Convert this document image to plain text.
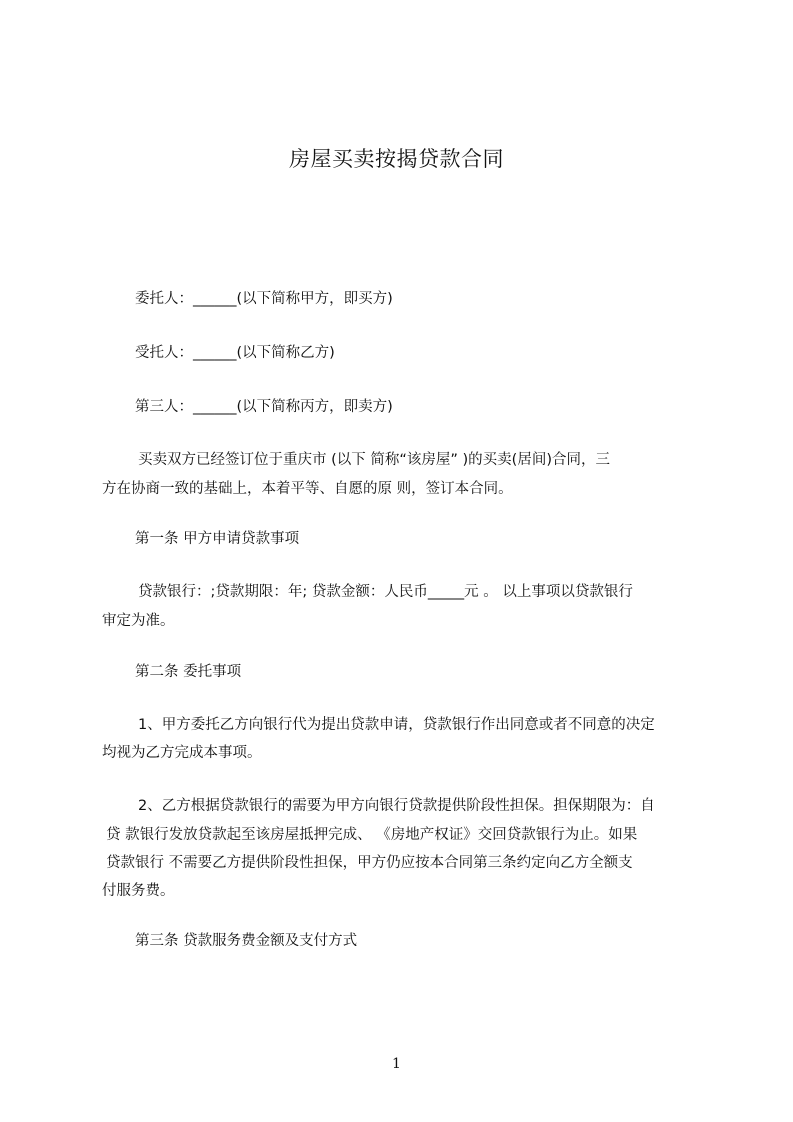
房屋买卖按揭贷款合同
委托人：______(以下简称甲方，即买方)
受托人：______(以下简称乙方)
第三人：______(以下简称丙方，即卖方)
买卖双方已经签订位于重庆市 (以下 简称“该房屋” )的买卖(居间)合同，三
方在协商一致的基础上，本着平等、自愿的原 则，签订本合同。
第一条 甲方申请贷款事项
贷款银行：;贷款期限：年; 贷款金额：人民币_____元 。 以上事项以贷款银行
审定为准。
第二条 委托事项
1、甲方委托乙方向银行代为提出贷款申请，贷款银行作出同意或者不同意的决定
均视为乙方完成本事项。
2、乙方根据贷款银行的需要为甲方向银行贷款提供阶段性担保。担保期限为：自
贷 款银行发放贷款起至该房屋抵押完成、 《房地产权证》交回贷款银行为止。如果
贷款银行 不需要乙方提供阶段性担保，甲方仍应按本合同第三条约定向乙方全额支
付服务费。
第三条 贷款服务费金额及支付方式
1
